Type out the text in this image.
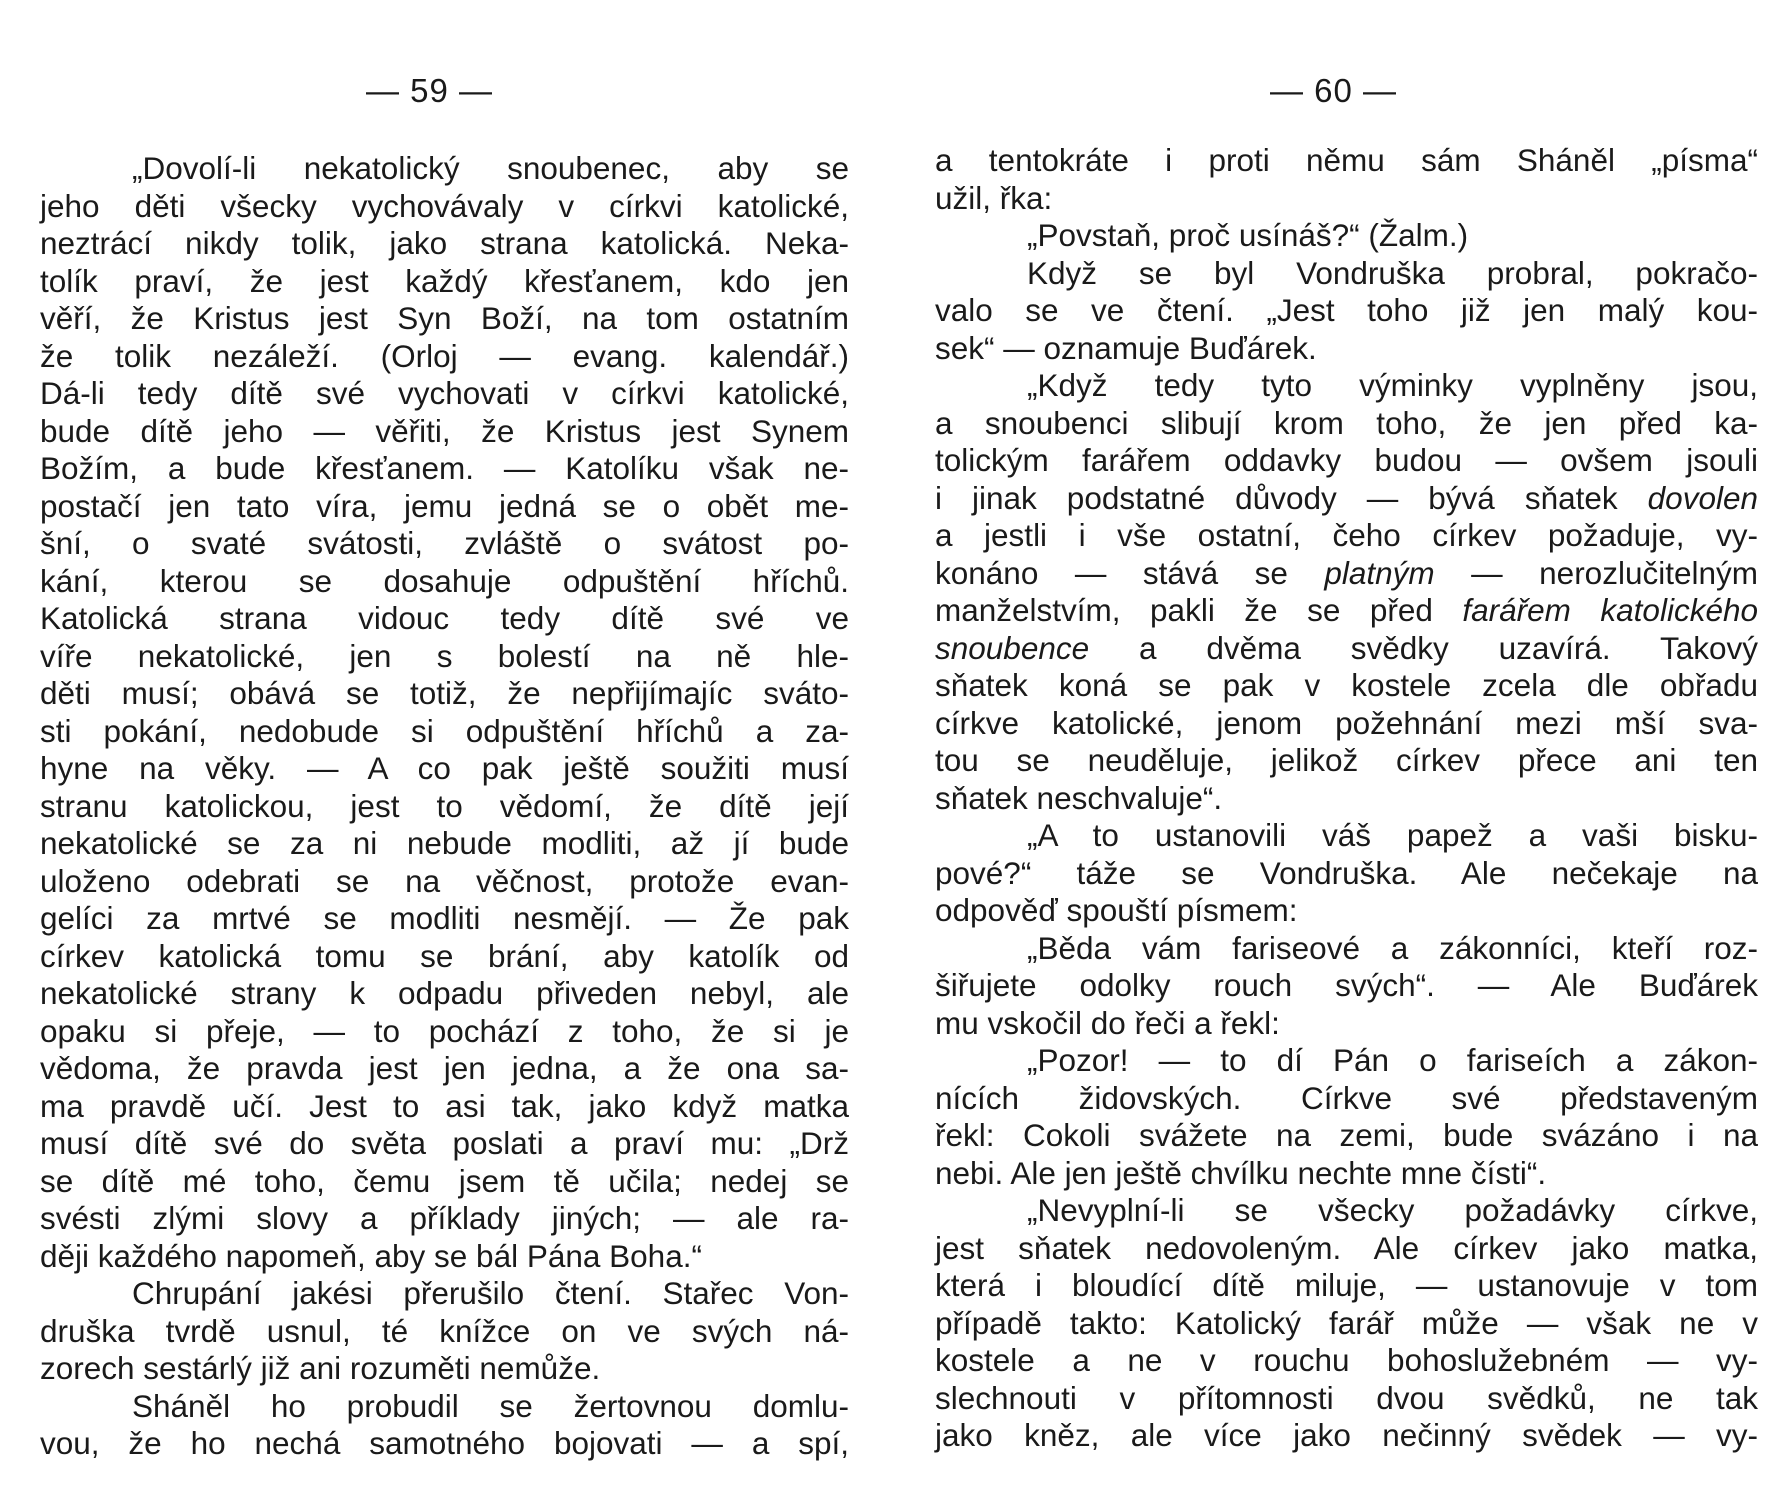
— 59 —
„Dovolí-li nekatolický snoubenec, aby se
jeho děti všecky vychovávaly v církvi katolické,
neztrácí nikdy tolik, jako strana katolická. Neka-
tolík praví, že jest každý křesťanem, kdo jen
věří, že Kristus jest Syn Boží, na tom ostatním
že tolik nezáleží. (Orloj — evang. kalendář.)
Dá-li tedy dítě své vychovati v církvi katolické,
bude dítě jeho — věřiti, že Kristus jest Synem
Božím, a bude křesťanem. — Katolíku však ne-
postačí jen tato víra, jemu jedná se o obět me-
šní, o svaté svátosti, zvláště o svátost po-
kání, kterou se dosahuje odpuštění hříchů.
Katolická strana vidouc tedy dítě své ve
víře nekatolické, jen s bolestí na ně hle-
děti musí; obává se totiž, že nepřijímajíc sváto-
sti pokání, nedobude si odpuštění hříchů a za-
hyne na věky. — A co pak ještě soužiti musí
stranu katolickou, jest to vědomí, že dítě její
nekatolické se za ni nebude modliti, až jí bude
uloženo odebrati se na věčnost, protože evan-
gelíci za mrtvé se modliti nesmějí. — Že pak
církev katolická tomu se brání, aby katolík od
nekatolické strany k odpadu přiveden nebyl, ale
opaku si přeje, — to pochází z toho, že si je
vědoma, že pravda jest jen jedna, a že ona sa-
ma pravdě učí. Jest to asi tak, jako když matka
musí dítě své do světa poslati a praví mu: „Drž
se dítě mé toho, čemu jsem tě učila; nedej se
svésti zlými slovy a příklady jiných; — ale ra-
ději každého napomeň, aby se bál Pána Boha.“
Chrupání jakési přerušilo čtení. Stařec Von-
druška tvrdě usnul, té knížce on ve svých ná-
zorech sestárlý již ani rozuměti nemůže.
Sháněl ho probudil se žertovnou domlu-
vou, že ho nechá samotného bojovati — a spí,
— 60 —
a tentokráte i proti němu sám Sháněl „písma“
užil, řka:
„Povstaň, proč usínáš?“ (Žalm.)
Když se byl Vondruška probral, pokračo-
valo se ve čtení. „Jest toho již jen malý kou-
sek“ — oznamuje Buďárek.
„Když tedy tyto výminky vyplněny jsou,
a snoubenci slibují krom toho, že jen před ka-
tolickým farářem oddavky budou — ovšem jsouli
i jinak podstatné důvody — bývá sňatek dovolen
a jestli i vše ostatní, čeho církev požaduje, vy-
konáno — stává se platným — nerozlučitelným
manželstvím, pakli že se před farářem katolického
snoubence a dvěma svědky uzavírá. Takový
sňatek koná se pak v kostele zcela dle obřadu
církve katolické, jenom požehnání mezi mší sva-
tou se neuděluje, jelikož církev přece ani ten
sňatek neschvaluje“.
„A to ustanovili váš papež a vaši bisku-
pové?“ táže se Vondruška. Ale nečekaje na
odpověď spouští písmem:
„Běda vám fariseové a zákonníci, kteří roz-
šiřujete odolky rouch svých“. — Ale Buďárek
mu vskočil do řeči a řekl:
„Pozor! — to dí Pán o fariseích a zákon-
nících židovských. Církve své představeným
řekl: Cokoli svážete na zemi, bude svázáno i na
nebi. Ale jen ještě chvílku nechte mne čísti“.
„Nevyplní-li se všecky požadávky církve,
jest sňatek nedovoleným. Ale církev jako matka,
která i bloudící dítě miluje, — ustanovuje v tom
případě takto: Katolický farář může — však ne v
kostele a ne v rouchu bohoslužebném — vy-
slechnouti v přítomnosti dvou svědků, ne tak
jako kněz, ale více jako nečinný svědek — vy-
